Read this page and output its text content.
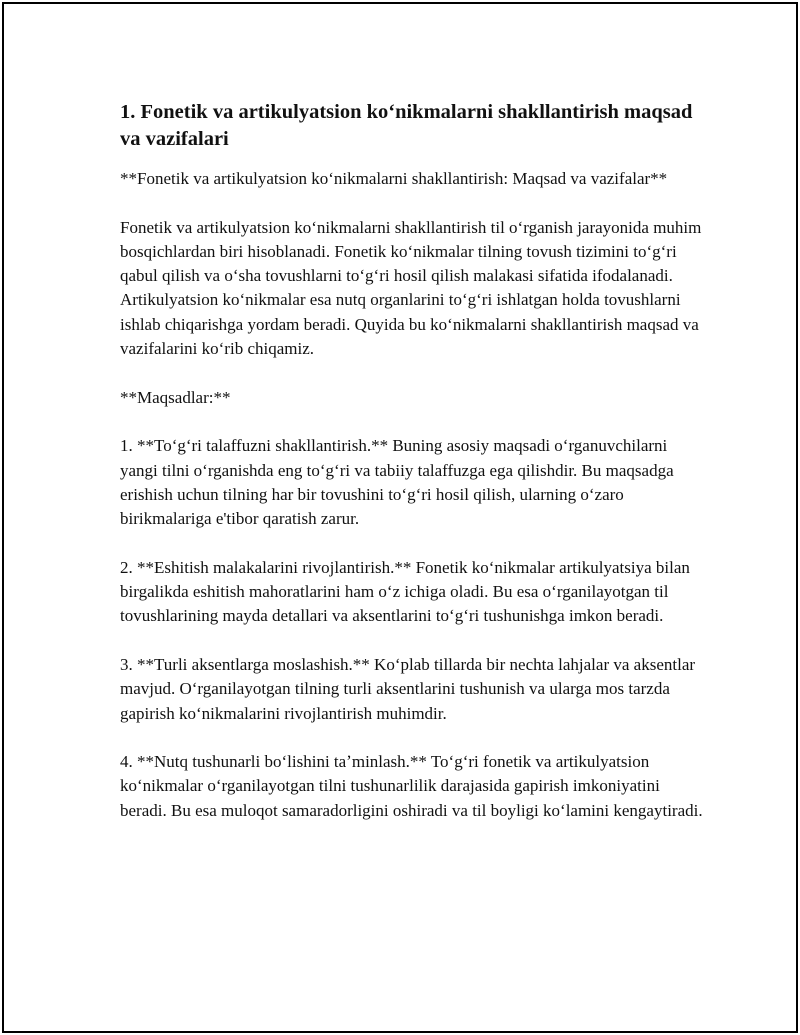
1. Fonetik va artikulyatsion koʻnikmalarni shakllantirish maqsad va vazifalari

**Fonetik va artikulyatsion koʻnikmalarni shakllantirish: Maqsad va vazifalar**

Fonetik va artikulyatsion koʻnikmalarni shakllantirish til oʻrganish jarayonida muhim bosqichlardan biri hisoblanadi. Fonetik koʻnikmalar tilning tovush tizimini toʻgʻri qabul qilish va oʻsha tovushlarni toʻgʻri hosil qilish malakasi sifatida ifodalanadi. Artikulyatsion koʻnikmalar esa nutq organlarini toʻgʻri ishlatgan holda tovushlarni ishlab chiqarishga yordam beradi. Quyida bu koʻnikmalarni shakllantirish maqsad va vazifalarini koʻrib chiqamiz.

**Maqsadlar:**

1. **Toʻgʻri talaffuzni shakllantirish.** Buning asosiy maqsadi oʻrganuvchilarni yangi tilni oʻrganishda eng toʻgʻri va tabiiy talaffuzga ega qilishdir. Bu maqsadga erishish uchun tilning har bir tovushini toʻgʻri hosil qilish, ularning oʻzaro birikmalariga e'tibor qaratish zarur.

2. **Eshitish malakalarini rivojlantirish.** Fonetik koʻnikmalar artikulyatsiya bilan birgalikda eshitish mahoratlarini ham oʻz ichiga oladi. Bu esa oʻrganilayotgan til tovushlarining mayda detallari va aksentlarini toʻgʻri tushunishga imkon beradi.

3. **Turli aksentlarga moslashish.** Koʻplab tillarda bir nechta lahjalar va aksentlar mavjud. Oʻrganilayotgan tilning turli aksentlarini tushunish va ularga mos tarzda gapirish koʻnikmalarini rivojlantirish muhimdir.

4. **Nutq tushunarli boʻlishini taʼminlash.** Toʻgʻri fonetik va artikulyatsion koʻnikmalar oʻrganilayotgan tilni tushunarlilik darajasida gapirish imkoniyatini beradi. Bu esa muloqot samaradorligini oshiradi va til boyligi koʻlamini kengaytiradi.
